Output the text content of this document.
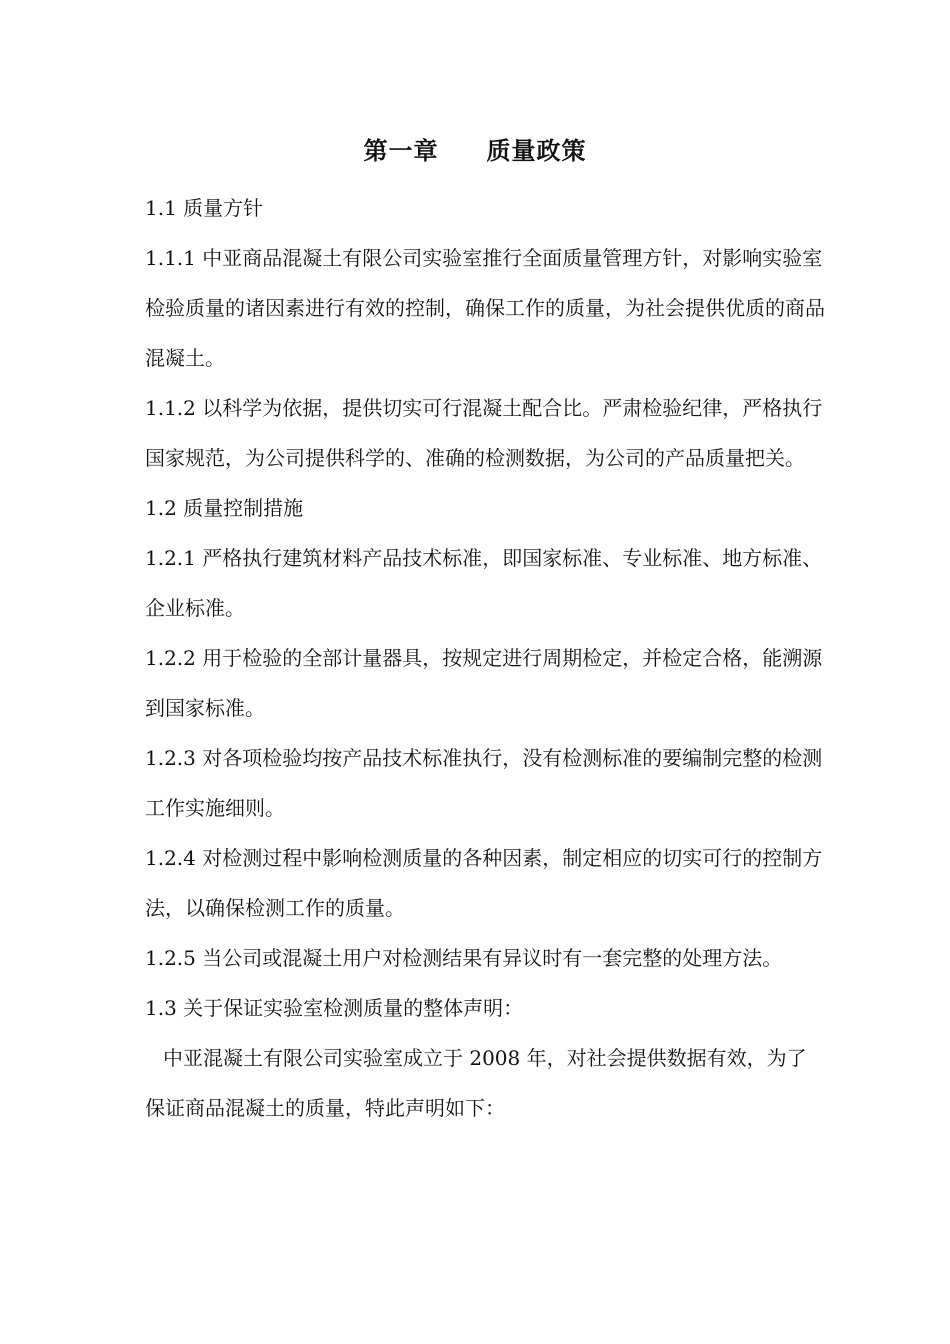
第一章 质量政策

1.1 质量方针

1.1.1 中亚商品混凝土有限公司实验室推行全面质量管理方针，对影响实验室检验质量的诸因素进行有效的控制，确保工作的质量，为社会提供优质的商品混凝土。

1.1.2 以科学为依据，提供切实可行混凝土配合比。严肃检验纪律，严格执行国家规范，为公司提供科学的、准确的检测数据，为公司的产品质量把关。

1.2 质量控制措施

1.2.1 严格执行建筑材料产品技术标准，即国家标准、专业标准、地方标准、企业标准。

1.2.2 用于检验的全部计量器具，按规定进行周期检定，并检定合格，能溯源到国家标准。

1.2.3 对各项检验均按产品技术标准执行，没有检测标准的要编制完整的检测工作实施细则。

1.2.4 对检测过程中影响检测质量的各种因素，制定相应的切实可行的控制方法，以确保检测工作的质量。

1.2.5 当公司或混凝土用户对检测结果有异议时有一套完整的处理方法。

1.3 关于保证实验室检测质量的整体声明：

中亚混凝土有限公司实验室成立于 2008 年，对社会提供数据有效，为了保证商品混凝土的质量，特此声明如下：
